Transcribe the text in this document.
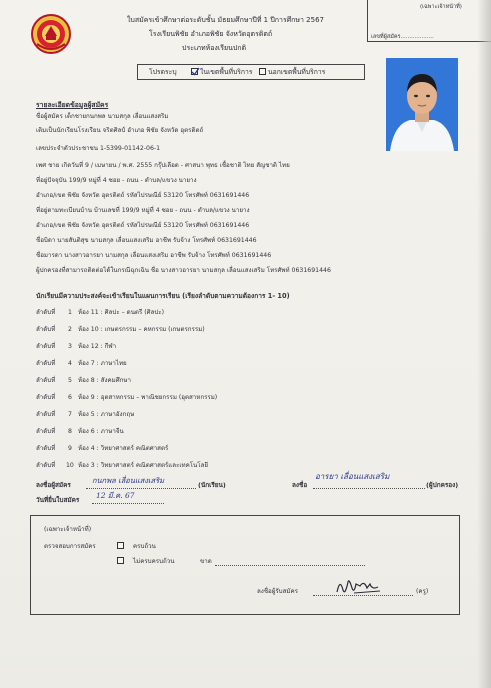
(เฉพาะเจ้าหน้าที่)
เลขที่ผู้สมัคร...................
ใบสมัครเข้าศึกษาต่อระดับชั้น มัธยมศึกษาปีที่ 1 ปีการศึกษา 2567
โรงเรียนพิชัย อำเภอพิชัย จังหวัดอุตรดิตถ์
ประเภทห้องเรียนปกติ
โปรดระบุ	ในเขตพื้นที่บริการ นอกเขตพื้นที่บริการ
รายละเอียดข้อมูลผู้สมัคร
ชื่อผู้สมัคร เด็กชายกนกพล นามสกุล เลื่อนแสงสริม
เดิมเป็นนักเรียนโรงเรียน จริตศิลป์ อำเภอ พิชัย จังหวัด อุตรดิตถ์
เลขประจำตัวประชาชน 1-5399-01142-06-1
เพศ ชาย เกิดวันที่ 9 / เมษายน / พ.ศ. 2555 กรุ๊ปเลือด - ศาสนา พุทธ เชื้อชาติ ไทย สัญชาติ ไทย
ที่อยู่ปัจจุบัน 199/9 หมู่ที่ 4 ซอย - ถนน - ตำบล/แขวง นายาง
อำเภอ/เขต พิชัย จังหวัด อุตรดิตถ์ รหัสไปรษณีย์ 53120 โทรศัพท์ 0631691446
ที่อยู่ตามทะเบียนบ้าน บ้านเลขที่ 199/9 หมู่ที่ 4 ซอย - ถนน - ตำบล/แขวง นายาง
อำเภอ/เขต พิชัย จังหวัด อุตรดิตถ์ รหัสไปรษณีย์ 53120 โทรศัพท์ 0631691446
ชื่อบิดา นายสันติสุข นามสกุล เลื่อนแสงเสริม อาชีพ รับจ้าง โทรศัพท์ 0631691446
ชื่อมารดา นางสาวอารยา นามสกุล เลื่อนแสงเสริม อาชีพ รับจ้าง โทรศัพท์ 0631691446
ผู้ปกครองที่สามารถติดต่อได้ในกรณีฉุกเฉิน ชื่อ นางสาวอารยา นามสกุล เลื่อนแสงเสริม โทรศัพท์ 0631691446
นักเรียนมีความประสงค์จะเข้าเรียนในแผนการเรียน (เรียงลำดับตามความต้องการ 1- 10)
ลำดับที่ 1 ห้อง 11 : ศิลปะ – ดนตรี (ศิลปะ)
ลำดับที่ 2 ห้อง 10 : เกษตรกรรม – คหกรรม (เกษตรกรรม)
ลำดับที่ 3 ห้อง 12 : กีฬา
ลำดับที่ 4 ห้อง 7 : ภาษาไทย
ลำดับที่ 5 ห้อง 8 : สังคมศึกษา
ลำดับที่ 6 ห้อง 9 : อุตสาหกรรม – พาณิชยกรรม (อุตสาหกรรม)
ลำดับที่ 7 ห้อง 5 : ภาษาอังกฤษ
ลำดับที่ 8 ห้อง 6 : ภาษาจีน
ลำดับที่ 9 ห้อง 4 : วิทยาศาสตร์ คณิตศาสตร์
ลำดับที่ 10 ห้อง 3 : วิทยาศาสตร์ คณิตศาสตร์และเทคโนโลยี
ลงชื่อผู้สมัคร	กนกพล เลื่อนแสงเสริม	(นักเรียน)	ลงชื่อ
อารยา เลื่อนแสงเสริม
(ผู้ปกครอง)
วันที่ยื่นใบสมัคร 12 มี.ค. 67
(เฉพาะเจ้าหน้าที่)
ตรวจสอบการสมัคร	ครบถ้วน
ไม่ครบครบถ้วน	ขาด
ลงชื่อผู้รับสมัคร	(ครู)
